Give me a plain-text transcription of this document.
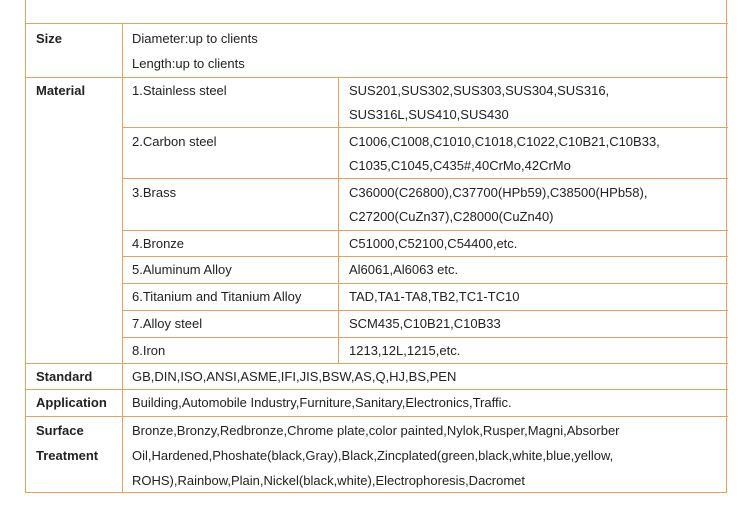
Size	Diameter:up to clients
Length:up to clients
Material	1.Stainless steel	SUS201,SUS302,SUS303,SUS304,SUS316,
SUS316L,SUS410,SUS430
2.Carbon steel	C1006,C1008,C1010,C1018,C1022,C10B21,C10B33,
C1035,C1045,C435#,40CrMo,42CrMo
3.Brass	C36000(C26800),C37700(HPb59),C38500(HPb58),
C27200(CuZn37),C28000(CuZn40)
4.Bronze	C51000,C52100,C54400,etc.
5.Aluminum Alloy	Al6061,Al6063 etc.
6.Titanium and Titanium Alloy	TAD,TA1-TA8,TB2,TC1-TC10
7.Alloy steel	SCM435,C10B21,C10B33
8.Iron	1213,12L,1215,etc.
Standard	GB,DIN,ISO,ANSI,ASME,IFI,JIS,BSW,AS,Q,HJ,BS,PEN
Application Building,Automobile Industry,Furniture,Sanitary,Electronics,Traffic.
Surface
Treatment
Bronze,Bronzy,Redbronze,Chrome plate,color painted,Nylok,Rusper,Magni,Absorber
Oil,Hardened,Phoshate(black,Gray),Black,Zincplated(green,black,white,blue,yellow,
ROHS),Rainbow,Plain,Nickel(black,white),Electrophoresis,Dacromet
